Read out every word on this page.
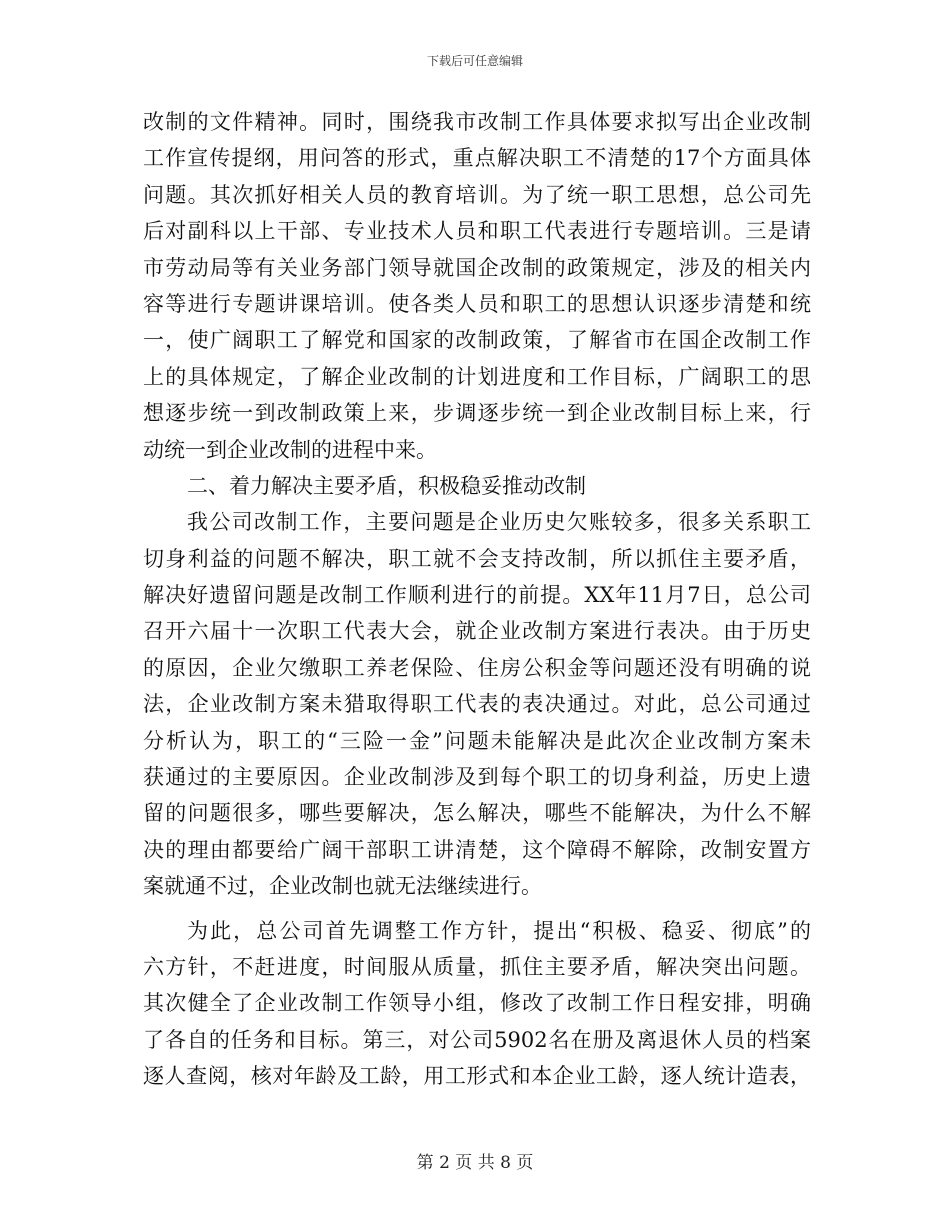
下载后可任意编辑
改制的文件精神。同时，围绕我市改制工作具体要求拟写出企业改制
工作宣传提纲，用问答的形式，重点解决职工不清楚的17个方面具体
问题。其次抓好相关人员的教育培训。为了统一职工思想，总公司先
后对副科以上干部、专业技术人员和职工代表进行专题培训。三是请
市劳动局等有关业务部门领导就国企改制的政策规定，涉及的相关内
容等进行专题讲课培训。使各类人员和职工的思想认识逐步清楚和统
一，使广阔职工了解党和国家的改制政策，了解省市在国企改制工作
上的具体规定，了解企业改制的计划进度和工作目标，广阔职工的思
想逐步统一到改制政策上来，步调逐步统一到企业改制目标上来，行
动统一到企业改制的进程中来。
二、着力解决主要矛盾，积极稳妥推动改制
我公司改制工作，主要问题是企业历史欠账较多，很多关系职工
切身利益的问题不解决，职工就不会支持改制，所以抓住主要矛盾，
解决好遗留问题是改制工作顺利进行的前提。XX年11月7日，总公司
召开六届十一次职工代表大会，就企业改制方案进行表决。由于历史
的原因，企业欠缴职工养老保险、住房公积金等问题还没有明确的说
法，企业改制方案未猎取得职工代表的表决通过。对此，总公司通过
分析认为，职工的“三险一金”问题未能解决是此次企业改制方案未
获通过的主要原因。企业改制涉及到每个职工的切身利益，历史上遗
留的问题很多，哪些要解决，怎么解决，哪些不能解决，为什么不解
决的理由都要给广阔干部职工讲清楚，这个障碍不解除，改制安置方
案就通不过，企业改制也就无法继续进行。
为此，总公司首先调整工作方针，提出“积极、稳妥、彻底”的
六方针，不赶进度，时间服从质量，抓住主要矛盾，解决突出问题。
其次健全了企业改制工作领导小组，修改了改制工作日程安排，明确
了各自的任务和目标。第三，对公司5902名在册及离退休人员的档案
逐人查阅，核对年龄及工龄，用工形式和本企业工龄，逐人统计造表，
第 2 页 共 8 页
